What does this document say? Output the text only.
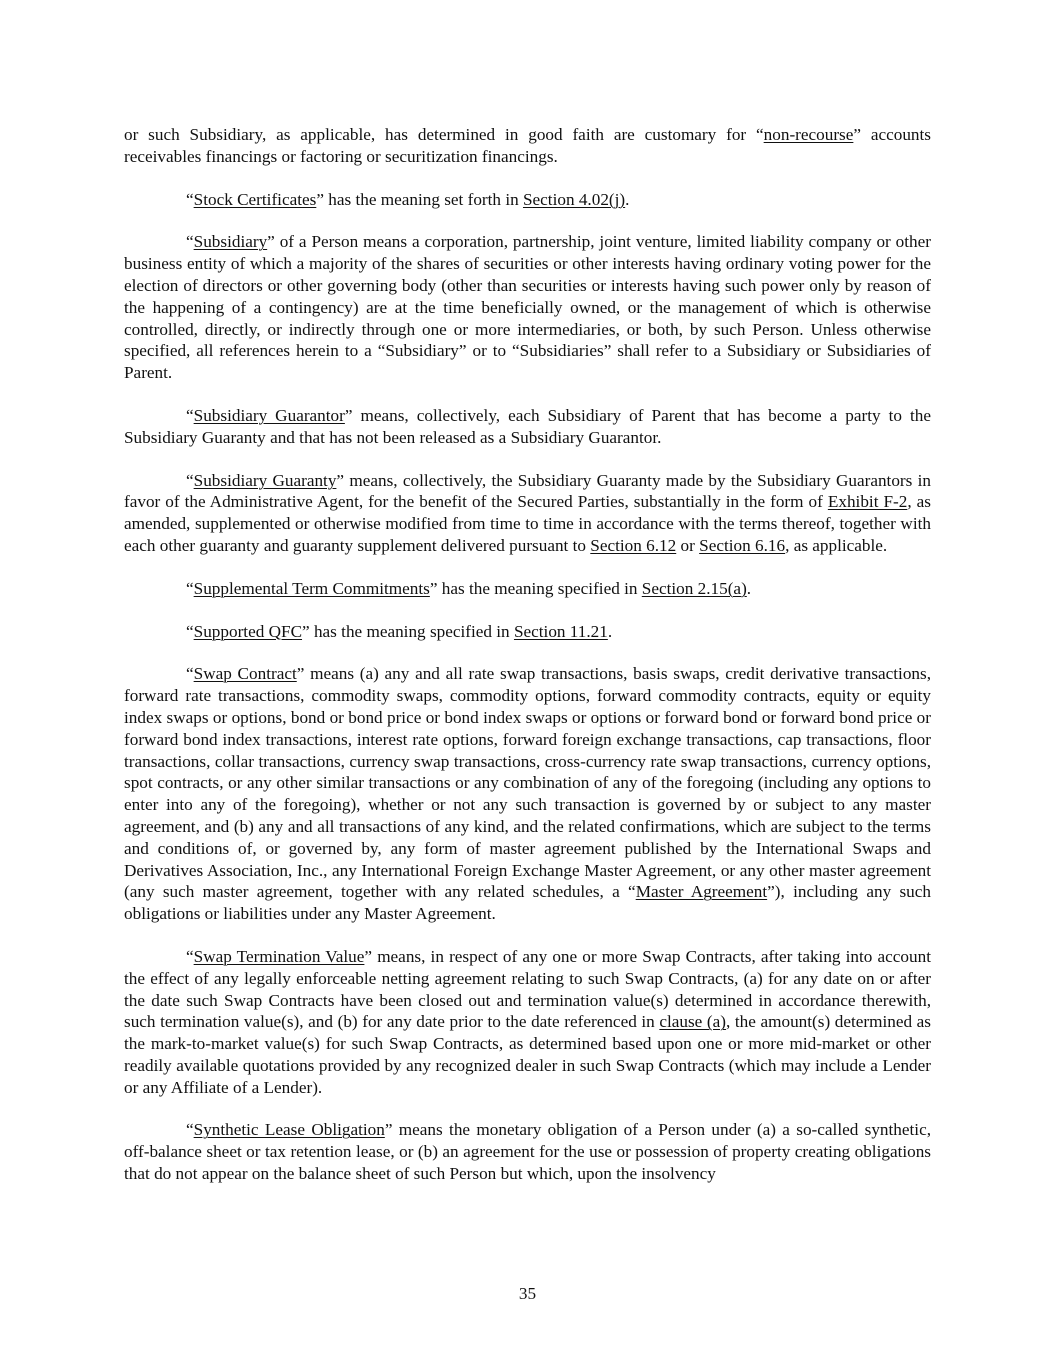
or such Subsidiary, as applicable, has determined in good faith are customary for “non-recourse” accounts receivables financings or factoring or securitization financings.

“Stock Certificates” has the meaning set forth in Section 4.02(j).

“Subsidiary” of a Person means a corporation, partnership, joint venture, limited liability company or other business entity of which a majority of the shares of securities or other interests having ordinary voting power for the election of directors or other governing body (other than securities or interests having such power only by reason of the happening of a contingency) are at the time beneficially owned, or the management of which is otherwise controlled, directly, or indirectly through one or more intermediaries, or both, by such Person. Unless otherwise specified, all references herein to a “Subsidiary” or to “Subsidiaries” shall refer to a Subsidiary or Subsidiaries of Parent.

“Subsidiary Guarantor” means, collectively, each Subsidiary of Parent that has become a party to the Subsidiary Guaranty and that has not been released as a Subsidiary Guarantor.

“Subsidiary Guaranty” means, collectively, the Subsidiary Guaranty made by the Subsidiary Guarantors in favor of the Administrative Agent, for the benefit of the Secured Parties, substantially in the form of Exhibit F-2, as amended, supplemented or otherwise modified from time to time in accordance with the terms thereof, together with each other guaranty and guaranty supplement delivered pursuant to Section 6.12 or Section 6.16, as applicable.

“Supplemental Term Commitments” has the meaning specified in Section 2.15(a).

“Supported QFC” has the meaning specified in Section 11.21.

“Swap Contract” means (a) any and all rate swap transactions, basis swaps, credit derivative transactions, forward rate transactions, commodity swaps, commodity options, forward commodity contracts, equity or equity index swaps or options, bond or bond price or bond index swaps or options or forward bond or forward bond price or forward bond index transactions, interest rate options, forward foreign exchange transactions, cap transactions, floor transactions, collar transactions, currency swap transactions, cross-currency rate swap transactions, currency options, spot contracts, or any other similar transactions or any combination of any of the foregoing (including any options to enter into any of the foregoing), whether or not any such transaction is governed by or subject to any master agreement, and (b) any and all transactions of any kind, and the related confirmations, which are subject to the terms and conditions of, or governed by, any form of master agreement published by the International Swaps and Derivatives Association, Inc., any International Foreign Exchange Master Agreement, or any other master agreement (any such master agreement, together with any related schedules, a “Master Agreement”), including any such obligations or liabilities under any Master Agreement.

“Swap Termination Value” means, in respect of any one or more Swap Contracts, after taking into account the effect of any legally enforceable netting agreement relating to such Swap Contracts, (a) for any date on or after the date such Swap Contracts have been closed out and termination value(s) determined in accordance therewith, such termination value(s), and (b) for any date prior to the date referenced in clause (a), the amount(s) determined as the mark-to-market value(s) for such Swap Contracts, as determined based upon one or more mid-market or other readily available quotations provided by any recognized dealer in such Swap Contracts (which may include a Lender or any Affiliate of a Lender).

“Synthetic Lease Obligation” means the monetary obligation of a Person under (a) a so-called synthetic, off-balance sheet or tax retention lease, or (b) an agreement for the use or possession of property creating obligations that do not appear on the balance sheet of such Person but which, upon the insolvency

35
